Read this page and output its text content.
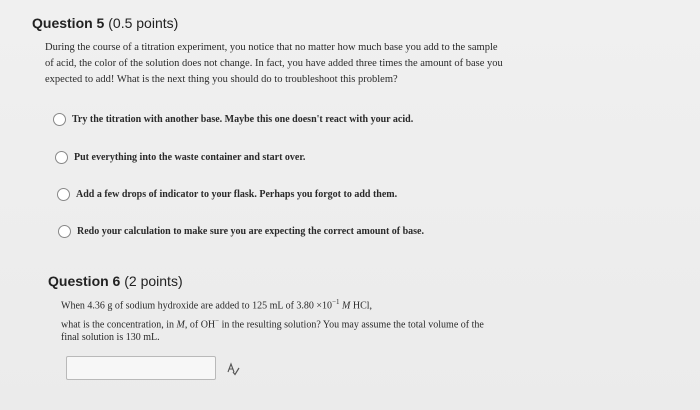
Question 5 (0.5 points)
During the course of a titration experiment, you notice that no matter how much base you add to the sample
of acid, the color of the solution does not change. In fact, you have added three times the amount of base you
expected to add! What is the next thing you should do to troubleshoot this problem?
Try the titration with another base. Maybe this one doesn't react with your acid.
Put everything into the waste container and start over.
Add a few drops of indicator to your flask. Perhaps you forgot to add them.
Redo your calculation to make sure you are expecting the correct amount of base.
Question 6 (2 points)
When 4.36 g of sodium hydroxide are added to 125 mL of $3.80 \times 10^{-1}$ M HCl,
what is the concentration, in M, of OH− in the resulting solution? You may assume the total volume of the
final solution is 130 mL.
